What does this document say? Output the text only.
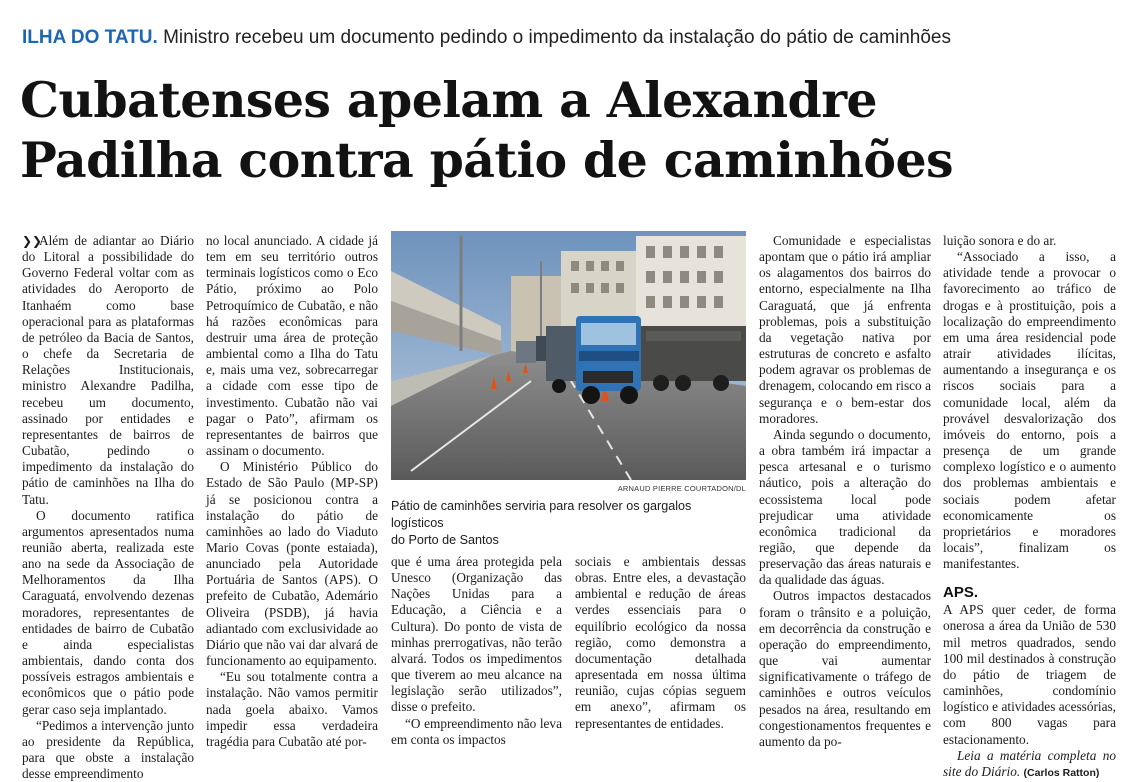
ILHA DO TATU. Ministro recebeu um documento pedindo o impedimento da instalação do pátio de caminhões
Cubatenses apelam a Alexandre
Padilha contra pátio de caminhões

❯❯Além de adiantar ao Diário do Litoral a possibilidade do Governo Federal voltar com as atividades do Aeroporto de Itanhaém como base operacional para as plataformas de petróleo da Bacia de Santos, o chefe da Secretaria de Relações Institucionais, ministro Alexandre Padilha, recebeu um documento, assinado por entidades e representantes de bairros de Cubatão, pedindo o impedimento da instalação do pátio de caminhões na Ilha do Tatu.

O documento ratifica argumentos apresentados numa reunião aberta, realizada este ano na sede da Associação de Melhoramentos da Ilha Caraguatá, envolvendo dezenas moradores, representantes de entidades de bairro de Cubatão e ainda especialistas ambientais, dando conta dos possíveis estragos ambientais e econômicos que o pátio pode gerar caso seja implantado.

“Pedimos a intervenção junto ao presidente da República, para que obste a instalação desse empreendimento

no local anunciado. A cidade já tem em seu território outros terminais logísticos como o Eco Pátio, próximo ao Polo Petroquímico de Cubatão, e não há razões econômicas para destruir uma área de proteção ambiental como a Ilha do Tatu e, mais uma vez, sobrecarregar a cidade com esse tipo de investimento. Cubatão não vai pagar o Pato”, afirmam os representantes de bairros que assinam o documento.

O Ministério Público do Estado de São Paulo (MP-SP) já se posicionou contra a instalação do pátio de caminhões ao lado do Viaduto Mario Covas (ponte estaiada), anunciado pela Autoridade Portuária de Santos (APS). O prefeito de Cubatão, Ademário Oliveira (PSDB), já havia adiantado com exclusividade ao Diário que não vai dar alvará de funcionamento ao equipamento.

“Eu sou totalmente contra a instalação. Não vamos permitir nada goela abaixo. Vamos impedir essa verdadeira tragédia para Cubatão até por-

ARNAUD PIERRE COURTADON/DL
Pátio de caminhões serviria para resolver os gargalos logísticos
do Porto de Santos

que é uma área protegida pela Unesco (Organização das Nações Unidas para a Educação, a Ciência e a Cultura). Do ponto de vista de minhas prerrogativas, não terão alvará. Todos os impedimentos que tiverem ao meu alcance na legislação serão utilizados”, disse o prefeito.

“O empreendimento não leva em conta os impactos

sociais e ambientais dessas obras. Entre eles, a devastação ambiental e redução de áreas verdes essenciais para o equilíbrio ecológico da nossa região, como demonstra a documentação detalhada apresentada em nossa última reunião, cujas cópias seguem em anexo”, afirmam os representantes de entidades.

Comunidade e especialistas apontam que o pátio irá ampliar os alagamentos dos bairros do entorno, especialmente na Ilha Caraguatá, que já enfrenta problemas, pois a substituição da vegetação nativa por estruturas de concreto e asfalto podem agravar os problemas de drenagem, colocando em risco a segurança e o bem-estar dos moradores.

Ainda segundo o documento, a obra também irá impactar a pesca artesanal e o turismo náutico, pois a alteração do ecossistema local pode prejudicar uma atividade econômica tradicional da região, que depende da preservação das áreas naturais e da qualidade das águas.

Outros impactos destacados foram o trânsito e a poluição, em decorrência da construção e operação do empreendimento, que vai aumentar significativamente o tráfego de caminhões e outros veículos pesados na área, resultando em congestionamentos frequentes e aumento da po-

luição sonora e do ar.

“Associado a isso, a atividade tende a provocar o favorecimento ao tráfico de drogas e à prostituição, pois a localização do empreendimento em uma área residencial pode atrair atividades ilícitas, aumentando a insegurança e os riscos sociais para a comunidade local, além da provável desvalorização dos imóveis do entorno, pois a presença de um grande complexo logístico e o aumento dos problemas ambientais e sociais podem afetar economicamente os proprietários e moradores locais”, finalizam os manifestantes.

APS.

A APS quer ceder, de forma onerosa a área da União de 530 mil metros quadrados, sendo 100 mil destinados à construção do pátio de triagem de caminhões, condomínio logístico e atividades acessórias, com 800 vagas para estacionamento.

Leia a matéria completa no site do Diário. (Carlos Ratton)
